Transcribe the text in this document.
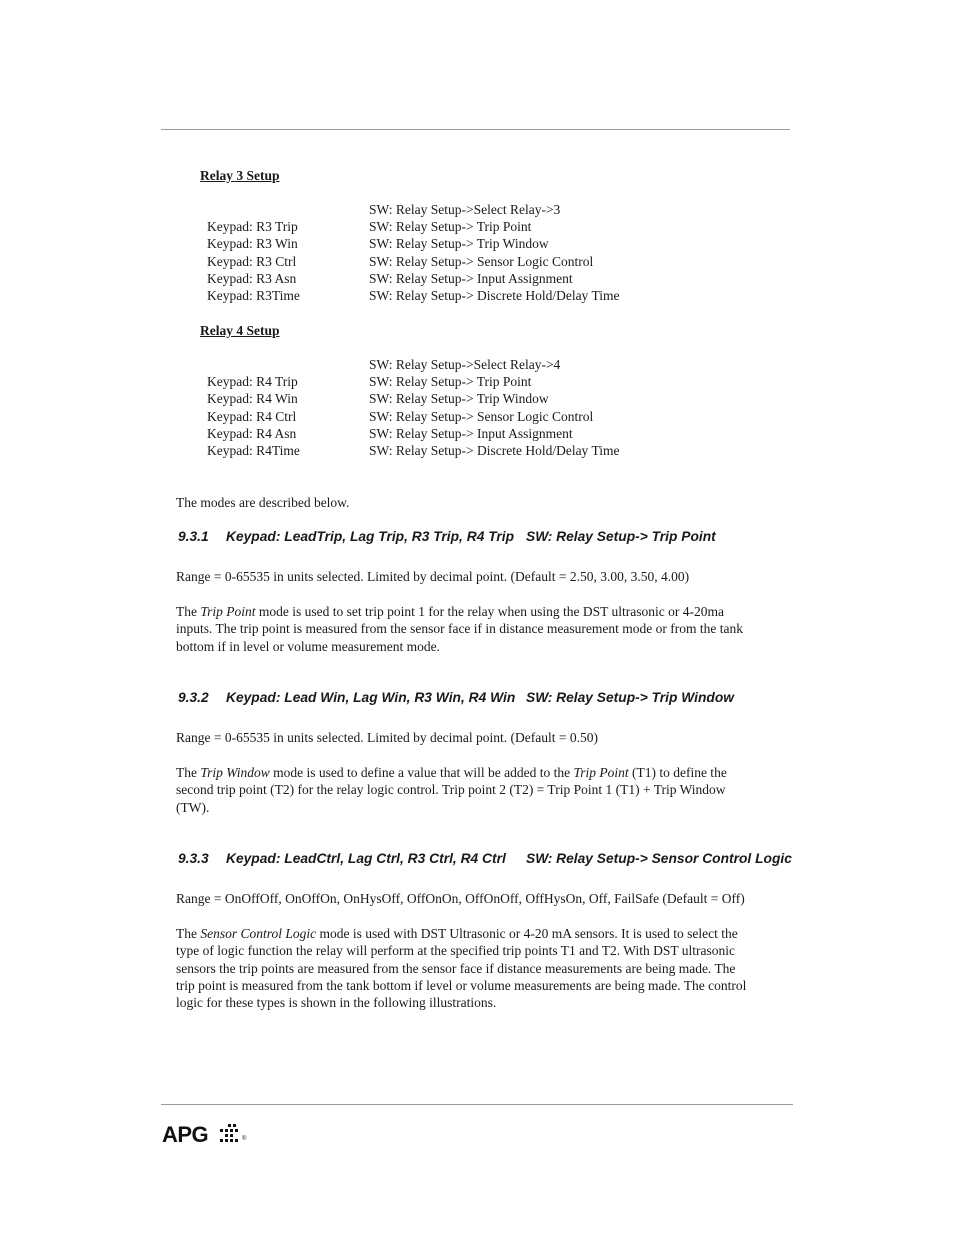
Relay 3 Setup
SW: Relay Setup->Select Relay->3
Keypad: R3 Trip	SW: Relay Setup-> Trip Point
Keypad: R3 Win	SW: Relay Setup-> Trip Window
Keypad: R3 Ctrl	SW: Relay Setup-> Sensor Logic Control
Keypad: R3 Asn	SW: Relay Setup-> Input Assignment
Keypad: R3Time	SW: Relay Setup-> Discrete Hold/Delay Time
Relay 4 Setup
SW: Relay Setup->Select Relay->4
Keypad: R4 Trip	SW: Relay Setup-> Trip Point
Keypad: R4 Win	SW: Relay Setup-> Trip Window
Keypad: R4 Ctrl	SW: Relay Setup-> Sensor Logic Control
Keypad: R4 Asn	SW: Relay Setup-> Input Assignment
Keypad: R4Time	SW: Relay Setup-> Discrete Hold/Delay Time
The modes are described below.
9.3.1 Keypad: LeadTrip, Lag Trip, R3 Trip, R4 Trip SW: Relay Setup-> Trip Point
Range = 0-65535 in units selected. Limited by decimal point. (Default = 2.50, 3.00, 3.50, 4.00)
The Trip Point mode is used to set trip point 1 for the relay when using the DST ultrasonic or 4-20ma
inputs. The trip point is measured from the sensor face if in distance measurement mode or from the tank
bottom if in level or volume measurement mode.
9.3.2 Keypad: Lead Win, Lag Win, R3 Win, R4 Win SW: Relay Setup-> Trip Window
Range = 0-65535 in units selected. Limited by decimal point. (Default = 0.50)
The Trip Window mode is used to define a value that will be added to the Trip Point (T1) to define the
second trip point (T2) for the relay logic control. Trip point 2 (T2) = Trip Point 1 (T1) + Trip Window
(TW).
9.3.3 Keypad: LeadCtrl, Lag Ctrl, R3 Ctrl, R4 Ctrl SW: Relay Setup-> Sensor Control Logic
Range = OnOffOff, OnOffOn, OnHysOff, OffOnOn, OffOnOff, OffHysOn, Off, FailSafe (Default = Off)
The Sensor Control Logic mode is used with DST Ultrasonic or 4-20 mA sensors. It is used to select the
type of logic function the relay will perform at the specified trip points T1 and T2. With DST ultrasonic
sensors the trip points are measured from the sensor face if distance measurements are being made. The
trip point is measured from the tank bottom if level or volume measurements are being made. The control
logic for these types is shown in the following illustrations.
APG	®
